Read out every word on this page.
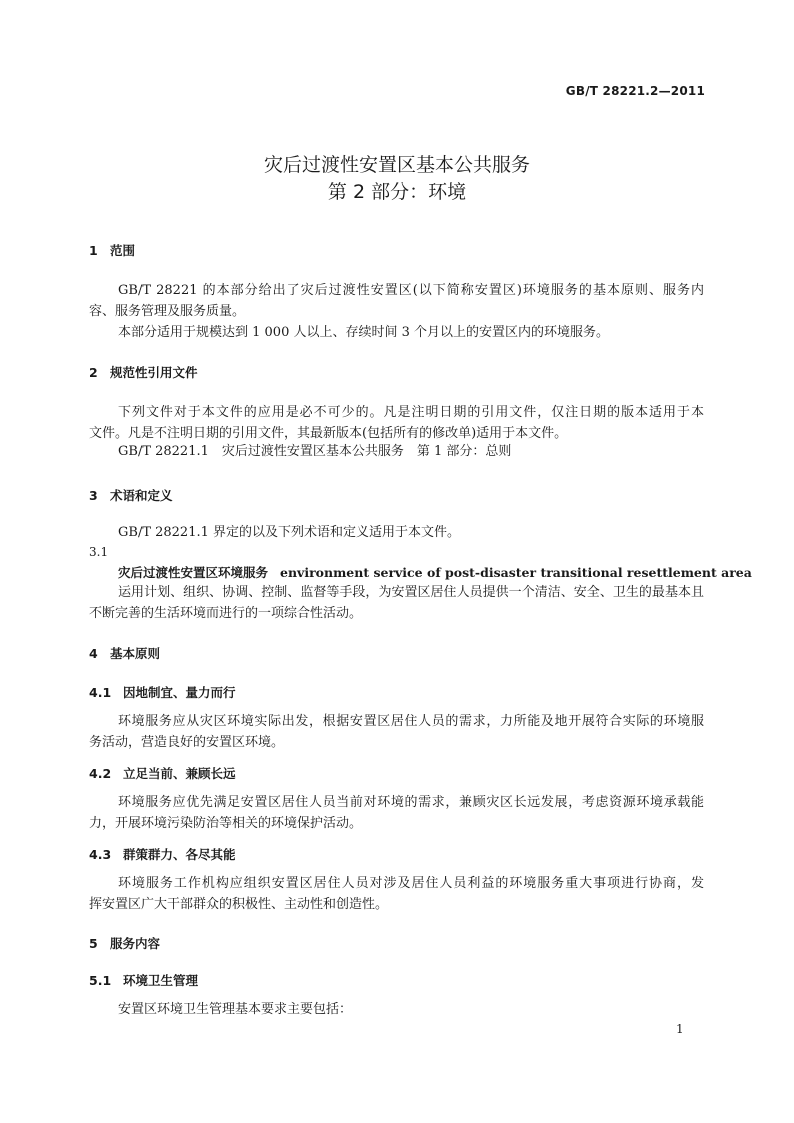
GB/T 28221.2—2011
灾后过渡性安置区基本公共服务
第 2 部分：环境
1 范围
GB/T 28221 的本部分给出了灾后过渡性安置区(以下简称安置区)环境服务的基本原则、服务内
容、服务管理及服务质量。
本部分适用于规模达到 1 000 人以上、存续时间 3 个月以上的安置区内的环境服务。
2 规范性引用文件
下列文件对于本文件的应用是必不可少的。凡是注明日期的引用文件，仅注日期的版本适用于本
文件。凡是不注明日期的引用文件，其最新版本(包括所有的修改单)适用于本文件。
GB/T 28221.1　灾后过渡性安置区基本公共服务　第 1 部分：总则
3 术语和定义
GB/T 28221.1 界定的以及下列术语和定义适用于本文件。
3.1
灾后过渡性安置区环境服务 environment service of post-disaster transitional resettlement area
运用计划、组织、协调、控制、监督等手段，为安置区居住人员提供一个清洁、安全、卫生的最基本且
不断完善的生活环境而进行的一项综合性活动。
4 基本原则
4.1 因地制宜、量力而行
环境服务应从灾区环境实际出发，根据安置区居住人员的需求，力所能及地开展符合实际的环境服
务活动，营造良好的安置区环境。
4.2 立足当前、兼顾长远
环境服务应优先满足安置区居住人员当前对环境的需求，兼顾灾区长远发展，考虑资源环境承载能
力，开展环境污染防治等相关的环境保护活动。
4.3 群策群力、各尽其能
环境服务工作机构应组织安置区居住人员对涉及居住人员利益的环境服务重大事项进行协商，发
挥安置区广大干部群众的积极性、主动性和创造性。
5 服务内容
5.1 环境卫生管理
安置区环境卫生管理基本要求主要包括：
1
